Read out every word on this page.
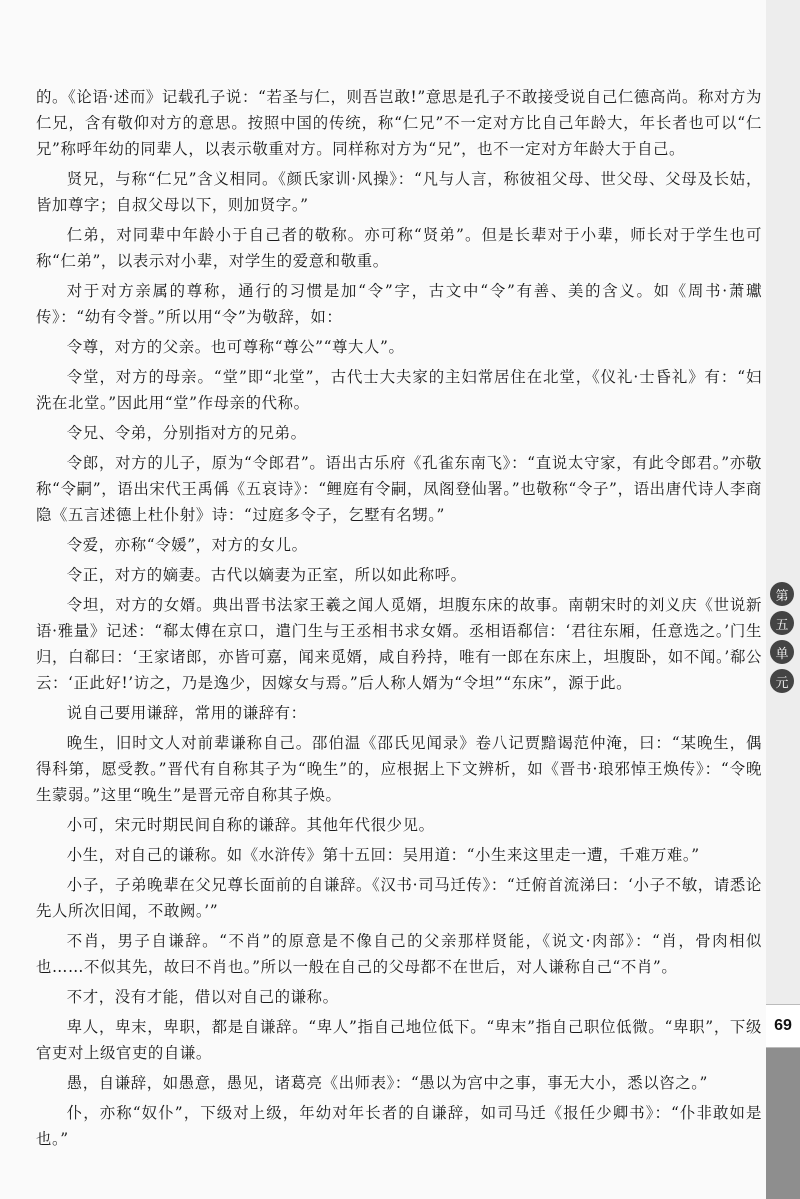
第
五
单
元
69

的。《论语·述而》记载孔子说：“若圣与仁，则吾岂敢!”意思是孔子不敢接受说自己仁德高尚。称对方为仁兄，含有敬仰对方的意思。按照中国的传统，称“仁兄”不一定对方比自己年龄大，年长者也可以“仁兄”称呼年幼的同辈人，以表示敬重对方。同样称对方为“兄”，也不一定对方年龄大于自己。

贤兄，与称“仁兄”含义相同。《颜氏家训·风操》：“凡与人言，称彼祖父母、世父母、父母及长姑，皆加尊字；自叔父母以下，则加贤字。”

仁弟，对同辈中年龄小于自己者的敬称。亦可称“贤弟”。但是长辈对于小辈，师长对于学生也可称“仁弟”，以表示对小辈，对学生的爱意和敬重。

对于对方亲属的尊称，通行的习惯是加“令”字，古文中“令”有善、美的含义。如《周书·萧瓛传》：“幼有令誉。”所以用“令”为敬辞，如：

令尊，对方的父亲。也可尊称“尊公”“尊大人”。

令堂，对方的母亲。“堂”即“北堂”，古代士大夫家的主妇常居住在北堂，《仪礼·士昏礼》有：“妇洗在北堂。”因此用“堂”作母亲的代称。

令兄、令弟，分别指对方的兄弟。

令郎，对方的儿子，原为“令郎君”。语出古乐府《孔雀东南飞》：“直说太守家，有此令郎君。”亦敬称“令嗣”，语出宋代王禹偁《五哀诗》：“鲤庭有令嗣，凤阁登仙署。”也敬称“令子”，语出唐代诗人李商隐《五言述德上杜仆射》诗：“过庭多令子，乞墅有名甥。”

令爱，亦称“令媛”，对方的女儿。

令正，对方的嫡妻。古代以嫡妻为正室，所以如此称呼。

令坦，对方的女婿。典出晋书法家王羲之闻人觅婿，坦腹东床的故事。南朝宋时的刘义庆《世说新语·雅量》记述：“郗太傅在京口，遣门生与王丞相书求女婿。丞相语郗信：‘君往东厢，任意选之。’门生归，白郗曰：‘王家诸郎，亦皆可嘉，闻来觅婿，咸自矜持，唯有一郎在东床上，坦腹卧，如不闻。’郗公云：‘正此好!’访之，乃是逸少，因嫁女与焉。”后人称人婿为“令坦”“东床”，源于此。

说自己要用谦辞，常用的谦辞有：

晚生，旧时文人对前辈谦称自己。邵伯温《邵氏见闻录》卷八记贾黯谒范仲淹，曰：“某晚生，偶得科第，愿受教。”晋代有自称其子为“晚生”的，应根据上下文辨析，如《晋书·琅邪悼王焕传》：“令晚生蒙弱。”这里“晚生”是晋元帝自称其子焕。

小可，宋元时期民间自称的谦辞。其他年代很少见。

小生，对自己的谦称。如《水浒传》第十五回：吴用道：“小生来这里走一遭，千难万难。”

小子，子弟晚辈在父兄尊长面前的自谦辞。《汉书·司马迁传》：“迁俯首流涕曰：‘小子不敏，请悉论先人所次旧闻，不敢阙。’”

不肖，男子自谦辞。“不肖”的原意是不像自己的父亲那样贤能，《说文·肉部》：“肖，骨肉相似也……不似其先，故曰不肖也。”所以一般在自己的父母都不在世后，对人谦称自己“不肖”。

不才，没有才能，借以对自己的谦称。

卑人，卑末，卑职，都是自谦辞。“卑人”指自己地位低下。“卑末”指自己职位低微。“卑职”，下级官吏对上级官吏的自谦。

愚，自谦辞，如愚意，愚见，诸葛亮《出师表》：“愚以为宫中之事，事无大小，悉以咨之。”

仆，亦称“奴仆”，下级对上级，年幼对年长者的自谦辞，如司马迁《报任少卿书》：“仆非敢如是也。”
